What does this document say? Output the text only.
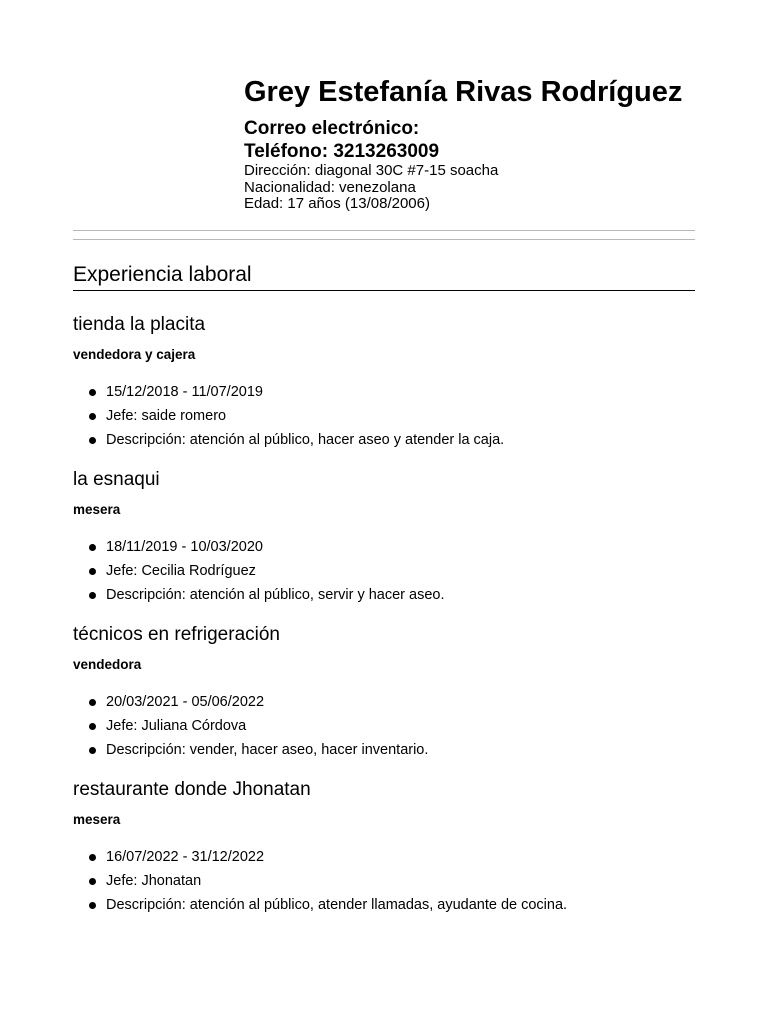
Grey Estefanía Rivas Rodríguez

Correo electrónico:

Teléfono: 3213263009

Dirección: diagonal 30C #7-15 soacha

Nacionalidad: venezolana

Edad: 17 años (13/08/2006)

Experiencia laboral
tienda la placita

vendedora y cajera

15/12/2018 - 11/07/2019
Jefe: saide romero
Descripción: atención al público, hacer aseo y atender la caja.
la esnaqui

mesera

18/11/2019 - 10/03/2020
Jefe: Cecilia Rodríguez
Descripción: atención al público, servir y hacer aseo.
técnicos en refrigeración

vendedora

20/03/2021 - 05/06/2022
Jefe: Juliana Córdova
Descripción: vender, hacer aseo, hacer inventario.
restaurante donde Jhonatan

mesera

16/07/2022 - 31/12/2022
Jefe: Jhonatan
Descripción: atención al público, atender llamadas, ayudante de cocina.
